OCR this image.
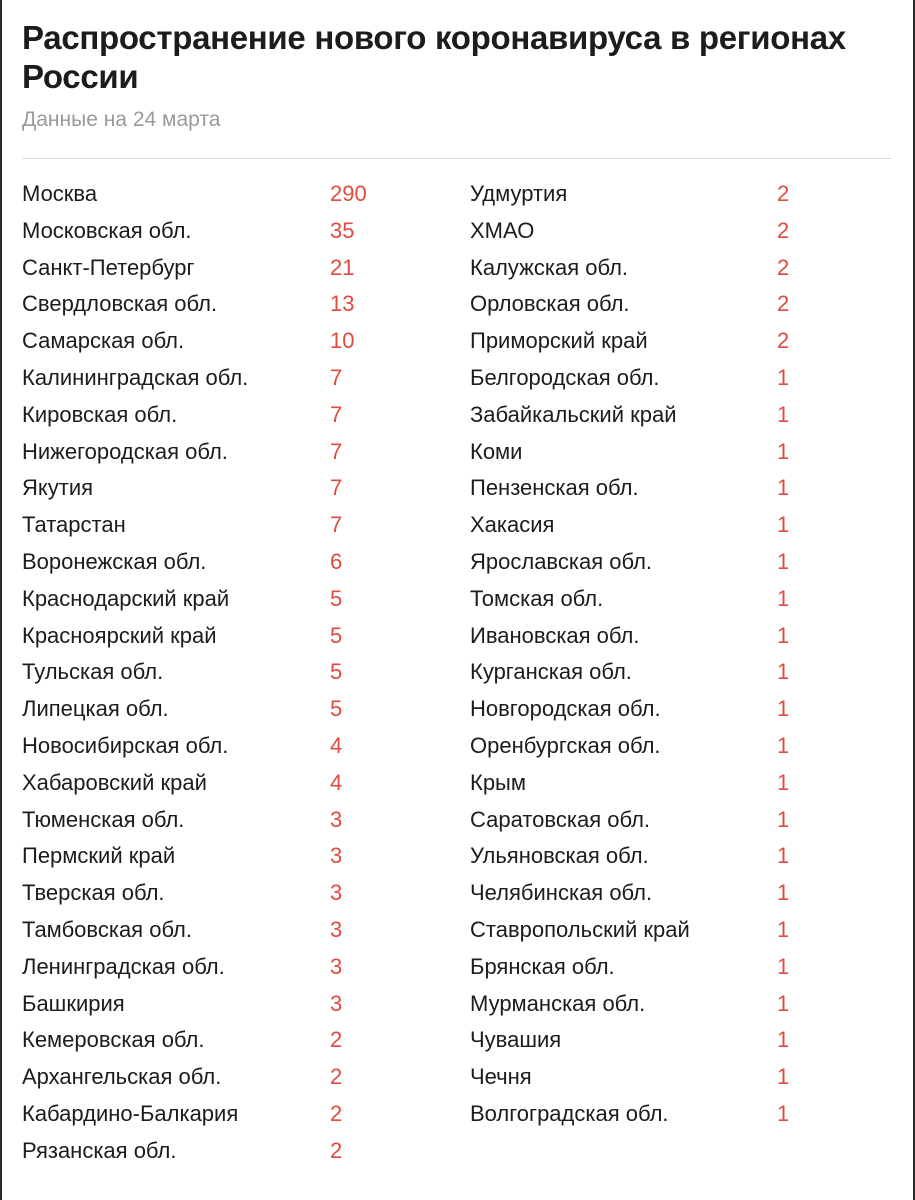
Распространение нового коронавируса в регионах России
Данные на 24 марта
Москва	290
Московская обл.	35
Санкт-Петербург	21
Свердловская обл.	13
Самарская обл.	10
Калининградская обл.	7
Кировская обл.	7
Нижегородская обл.	7
Якутия	7
Татарстан	7
Воронежская обл.	6
Краснодарский край	5
Красноярский край	5
Тульская обл.	5
Липецкая обл.	5
Новосибирская обл.	4
Хабаровский край	4
Тюменская обл.	3
Пермский край	3
Тверская обл.	3
Тамбовская обл.	3
Ленинградская обл.	3
Башкирия	3
Кемеровская обл.	2
Архангельская обл.	2
Кабардино-Балкария	2
Рязанская обл.	2
Удмуртия	2
ХМАО	2
Калужская обл.	2
Орловская обл.	2
Приморский край	2
Белгородская обл.	1
Забайкальский край	1
Коми	1
Пензенская обл.	1
Хакасия	1
Ярославская обл.	1
Томская обл.	1
Ивановская обл.	1
Курганская обл.	1
Новгородская обл.	1
Оренбургская обл.	1
Крым	1
Саратовская обл.	1
Ульяновская обл.	1
Челябинская обл.	1
Ставропольский край	1
Брянская обл.	1
Мурманская обл.	1
Чувашия	1
Чечня	1
Волгоградская обл.	1
